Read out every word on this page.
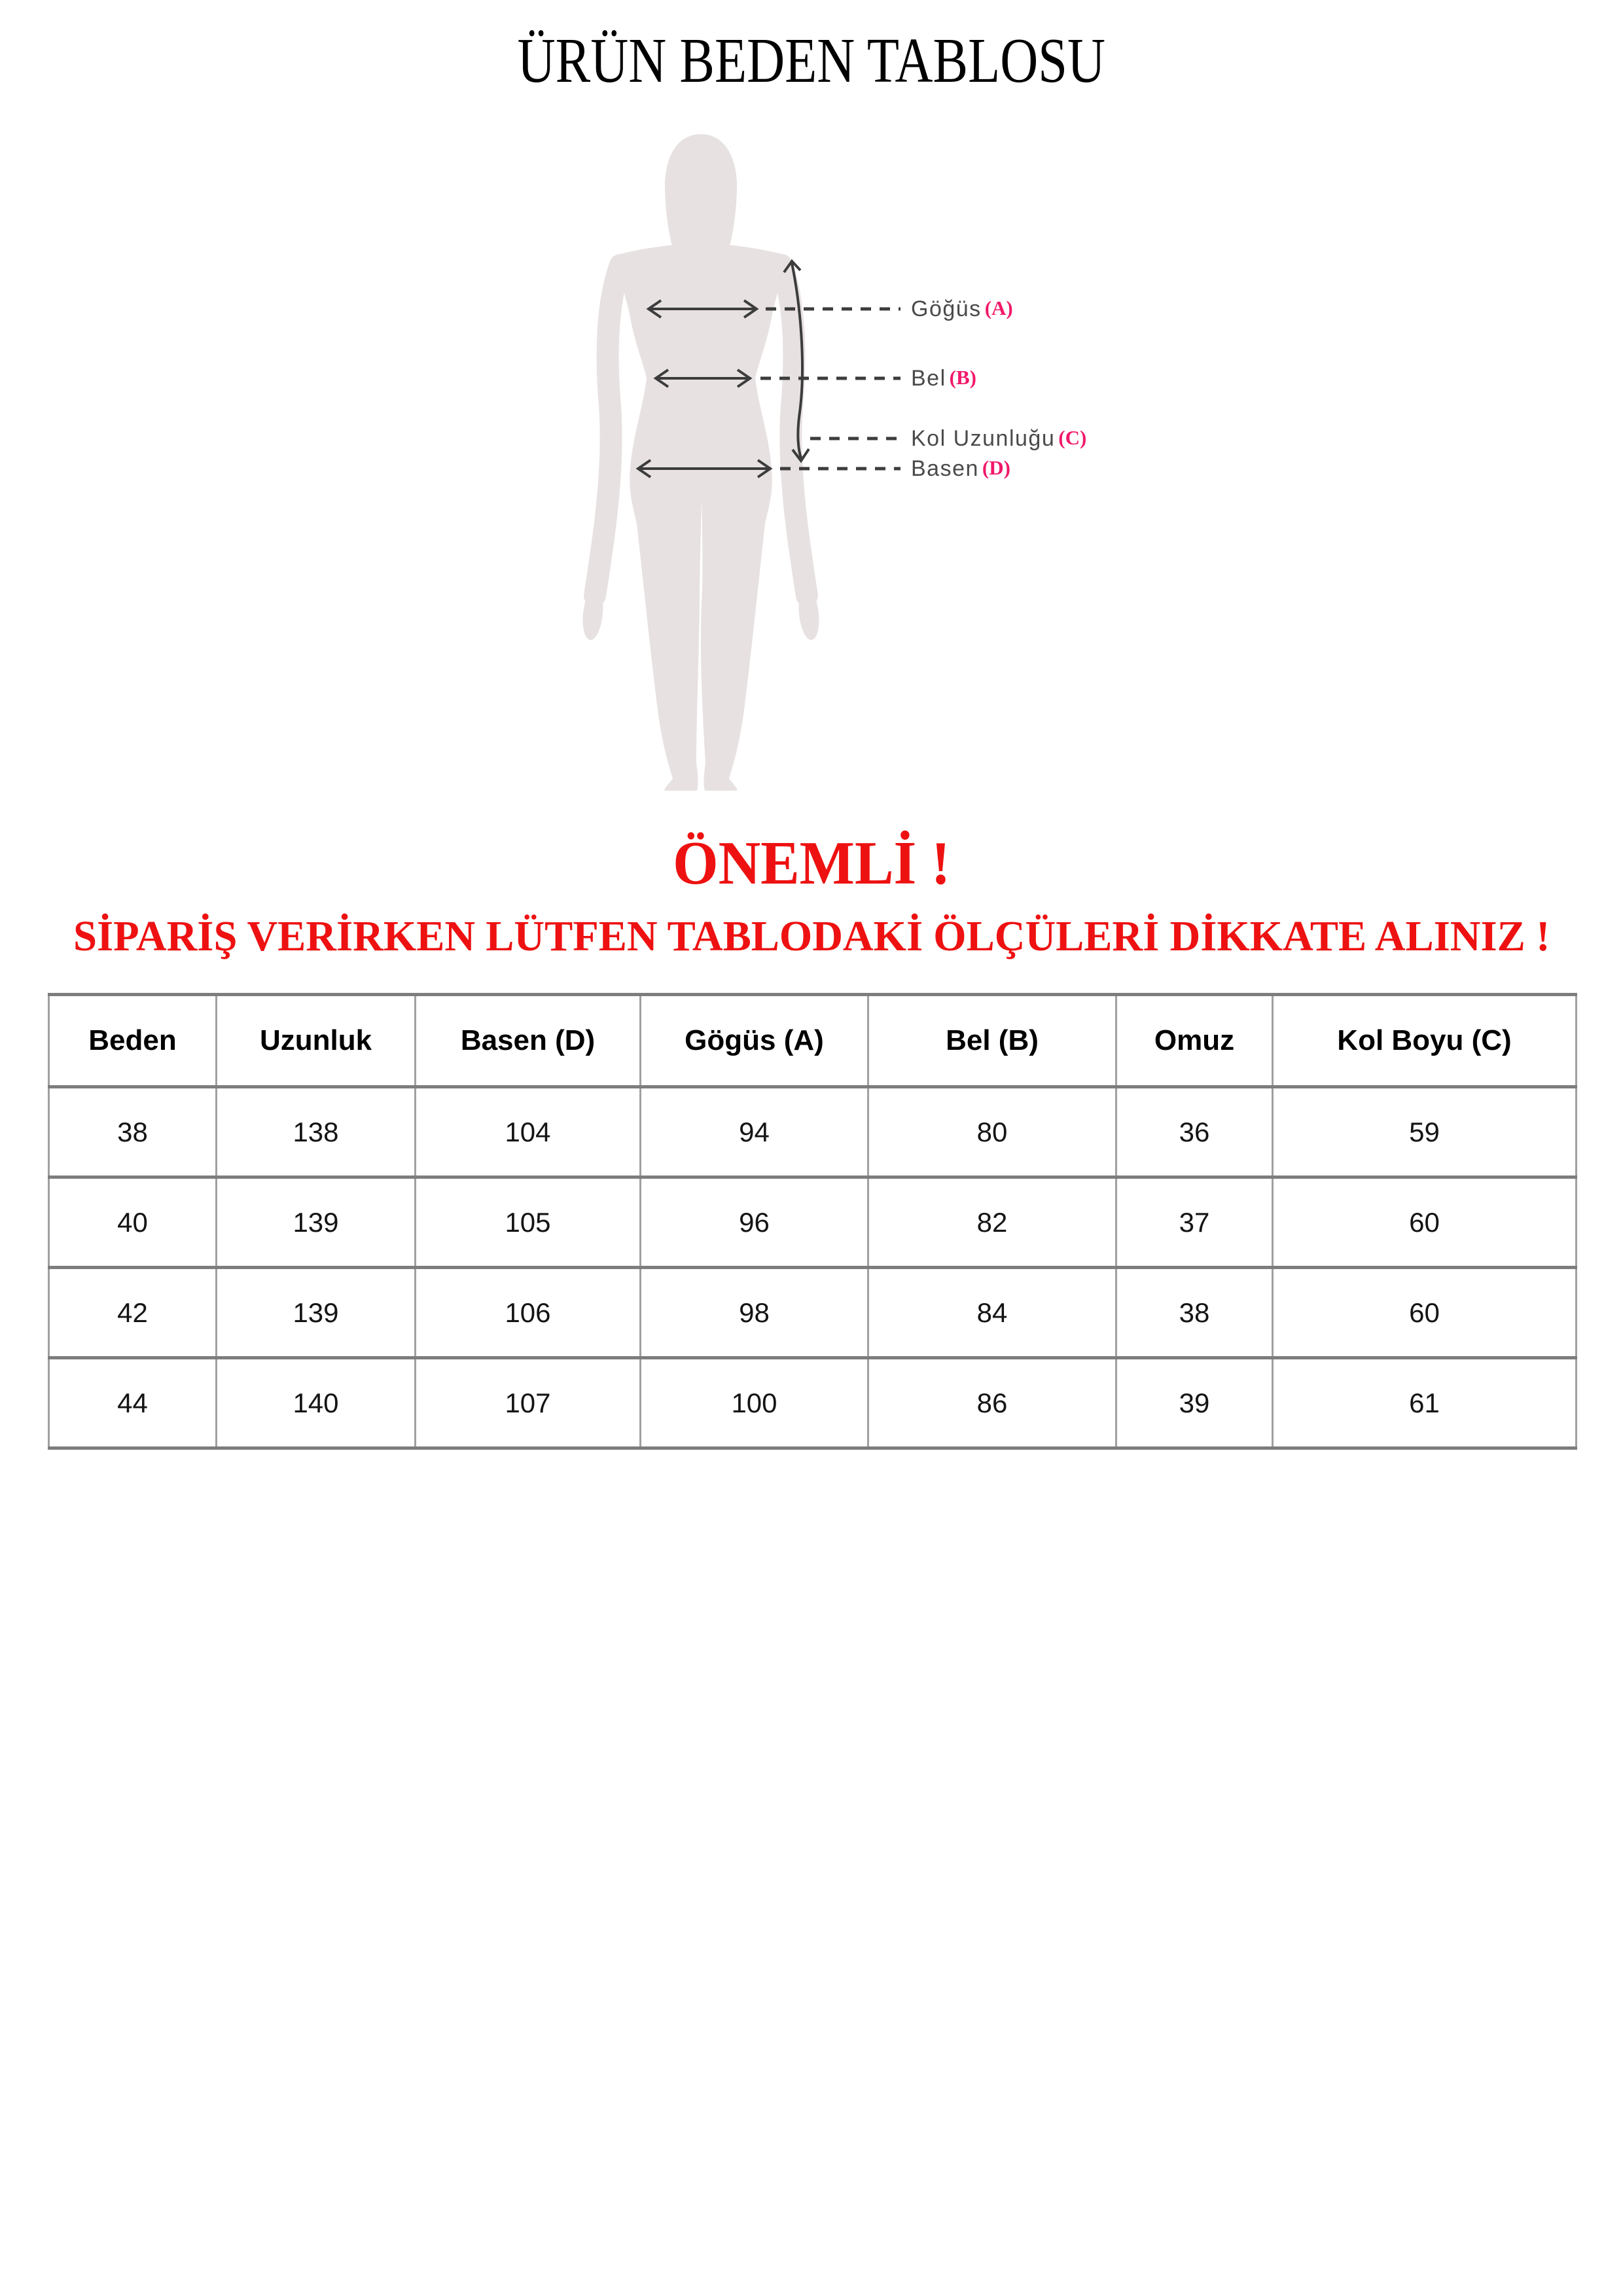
ÜRÜN BEDEN TABLOSU
Göğüs (A)
Bel (B)
Kol Uzunluğu (C)
Basen (D)
ÖNEMLİ !
SİPARİŞ VERİRKEN LÜTFEN TABLODAKİ ÖLÇÜLERİ DİKKATE ALINIZ !
Beden	Uzunluk	Basen (D)	Gögüs (A)	Bel (B)	Omuz	Kol Boyu (C)
38	138	104	94	80	36	59
40	139	105	96	82	37	60
42	139	106	98	84	38	60
44	140	107	100	86	39	61
